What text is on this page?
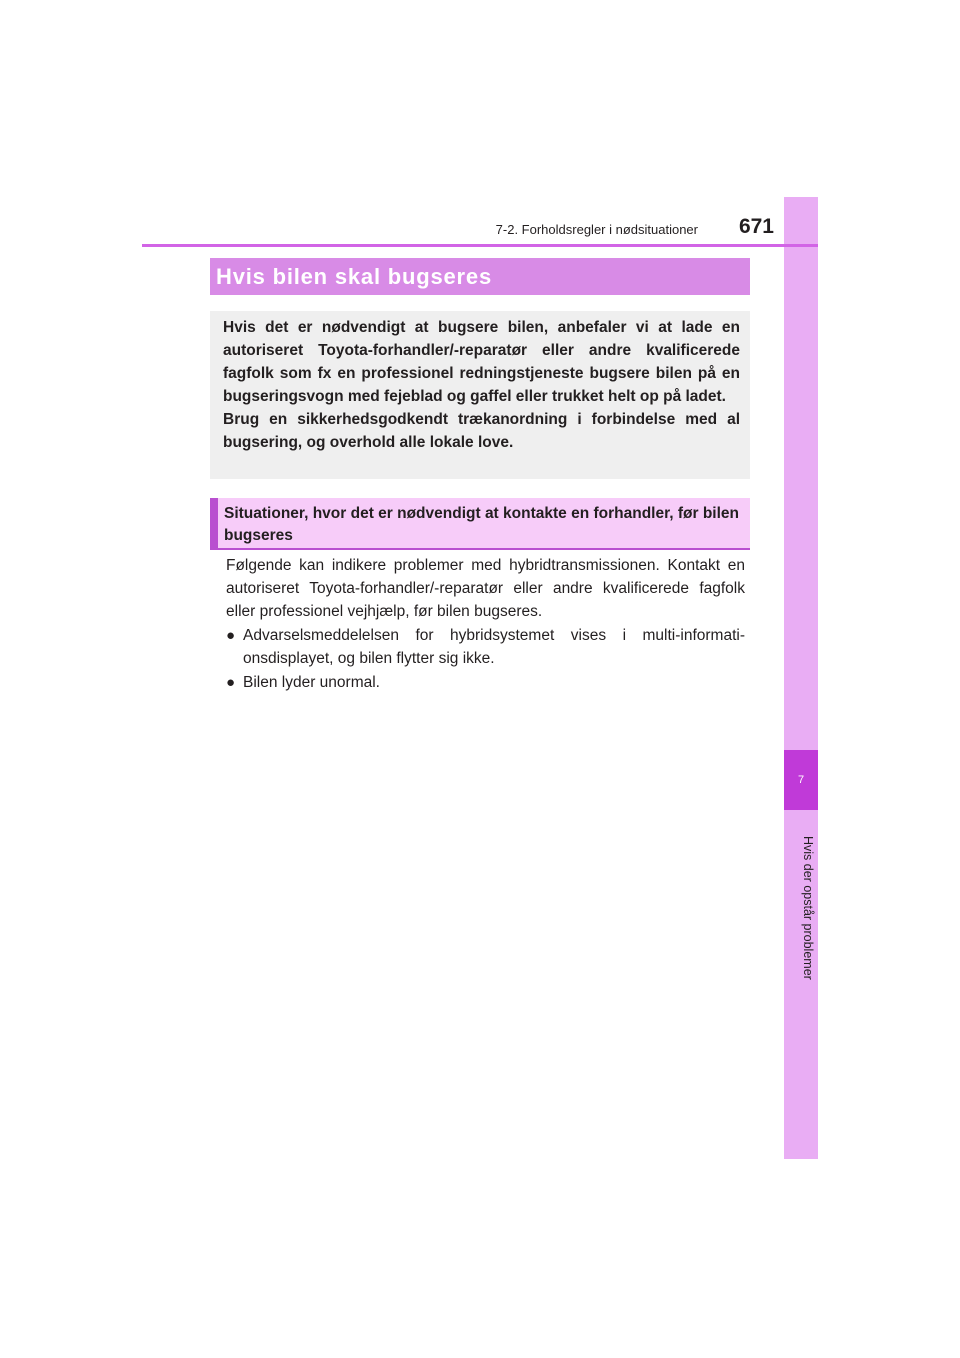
7
Hvis der opstår problemer
7-2. Forholdsregler i nødsituationer 671
Hvis bilen skal bugseres

Hvis det er nødvendigt at bugsere bilen, anbefaler vi at lade en autoriseret Toyota-forhandler/-reparatør eller andre kvalificerede fagfolk som fx en professionel redningstjeneste bugsere bilen på en bugseringsvogn med fejeblad og gaffel eller trukket helt op på ladet.

Brug en sikkerhedsgodkendt trækanordning i forbindelse med al bugsering, og overhold alle lokale love.

Situationer, hvor det er nødvendigt at kontakte en forhandler, før bilen bugseres

Følgende kan indikere problemer med hybridtransmissionen. Kontakt en autoriseret Toyota-forhandler/-reparatør eller andre kvalificerede fagfolk eller professionel vejhjælp, før bilen bugseres.

● Advarselsmeddelelsen for hybridsystemet vises i multi-informati-onsdisplayet, og bilen flytter sig ikke.
● Bilen lyder unormal.
